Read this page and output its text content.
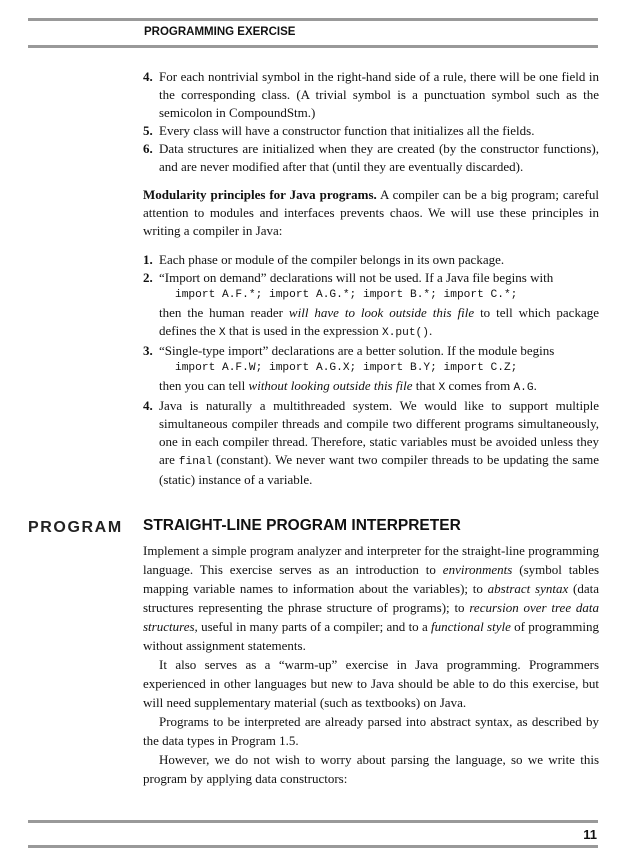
PROGRAMMING EXERCISE
4. For each nontrivial symbol in the right-hand side of a rule, there will be one field in the corresponding class. (A trivial symbol is a punctuation symbol such as the semicolon in CompoundStm.)
5. Every class will have a constructor function that initializes all the fields.
6. Data structures are initialized when they are created (by the constructor functions), and are never modified after that (until they are eventually discarded).

Modularity principles for Java programs. A compiler can be a big program; careful attention to modules and interfaces prevents chaos. We will use these principles in writing a compiler in Java:

1. Each phase or module of the compiler belongs in its own package.
2. “Import on demand” declarations will not be used. If a Java file begins with
import A.F.*; import A.G.*; import B.*; import C.*;
then the human reader will have to look outside this file to tell which package defines the X that is used in the expression X.put().
3. “Single-type import” declarations are a better solution. If the module begins
import A.F.W; import A.G.X; import B.Y; import C.Z;
then you can tell without looking outside this file that X comes from A.G.
4. Java is naturally a multithreaded system. We would like to support multiple simultaneous compiler threads and compile two different programs simultaneously, one in each compiler thread. Therefore, static variables must be avoided unless they are final (constant). We never want two compiler threads to be updating the same (static) instance of a variable.
PROGRAM STRAIGHT-LINE PROGRAM INTERPRETER

Implement a simple program analyzer and interpreter for the straight-line programming language. This exercise serves as an introduction to environments (symbol tables mapping variable names to information about the variables); to abstract syntax (data structures representing the phrase structure of programs); to recursion over tree data structures, useful in many parts of a compiler; and to a functional style of programming without assignment statements.

It also serves as a “warm-up” exercise in Java programming. Programmers experienced in other languages but new to Java should be able to do this exercise, but will need supplementary material (such as textbooks) on Java.

Programs to be interpreted are already parsed into abstract syntax, as described by the data types in Program 1.5.

However, we do not wish to worry about parsing the language, so we write this program by applying data constructors:

11
